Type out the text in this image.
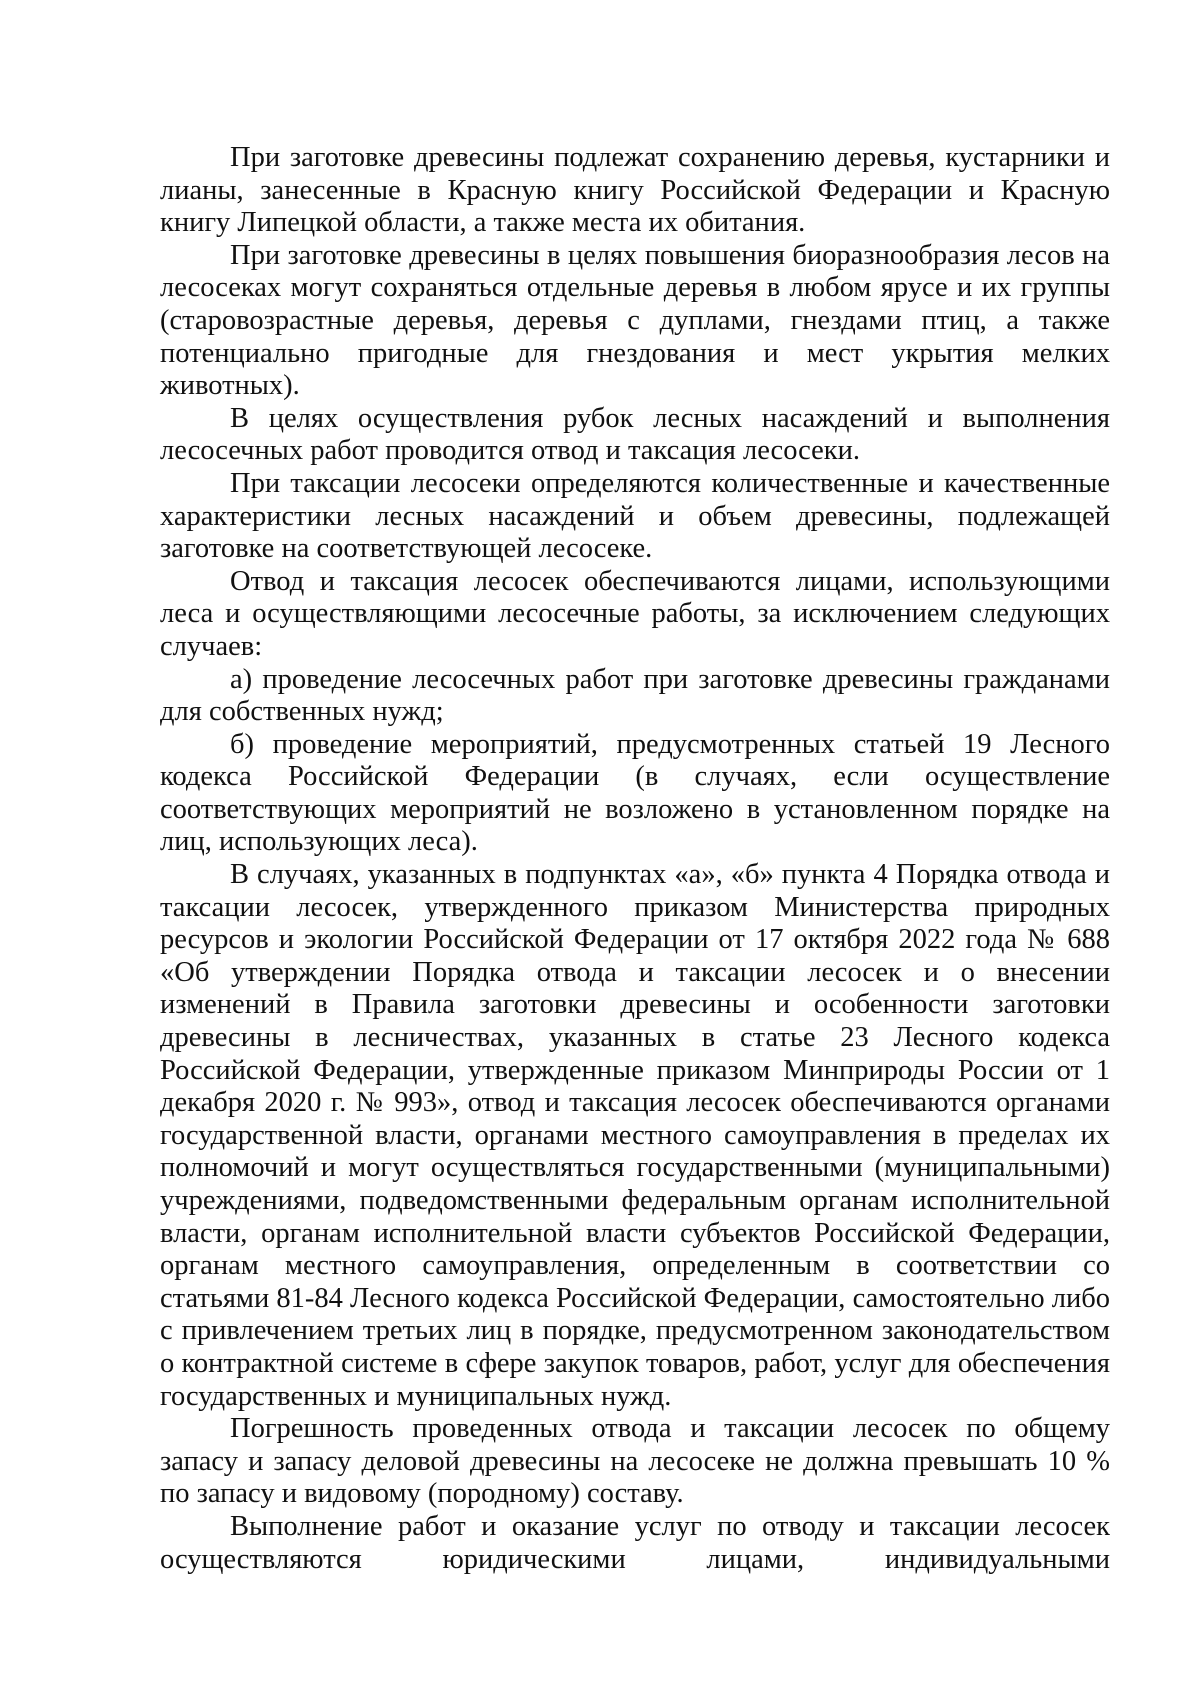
При заготовке древесины подлежат сохранению деревья, кустарники и лианы, занесенные в Красную книгу Российской Федерации и Красную книгу Липецкой области, а также места их обитания.

При заготовке древесины в целях повышения биоразнообразия лесов на лесосеках могут сохраняться отдельные деревья в любом ярусе и их группы (старовозрастные деревья, деревья с дуплами, гнездами птиц, а также потенциально пригодные для гнездования и мест укрытия мелких животных).

В целях осуществления рубок лесных насаждений и выполнения лесосечных работ проводится отвод и таксация лесосеки.

При таксации лесосеки определяются количественные и качественные характеристики лесных насаждений и объем древесины, подлежащей заготовке на соответствующей лесосеке.

Отвод и таксация лесосек обеспечиваются лицами, использующими леса и осуществляющими лесосечные работы, за исключением следующих случаев:

а) проведение лесосечных работ при заготовке древесины гражданами для собственных нужд;

б) проведение мероприятий, предусмотренных статьей 19 Лесного кодекса Российской Федерации (в случаях, если осуществление соответствующих мероприятий не возложено в установленном порядке на лиц, использующих леса).

В случаях, указанных в подпунктах «а», «б» пункта 4 Порядка отвода и таксации лесосек, утвержденного приказом Министерства природных ресурсов и экологии Российской Федерации от 17 октября 2022 года № 688 «Об утверждении Порядка отвода и таксации лесосек и о внесении изменений в Правила заготовки древесины и особенности заготовки древесины в лесничествах, указанных в статье 23 Лесного кодекса Российской Федерации, утвержденные приказом Минприроды России от 1 декабря 2020 г. № 993», отвод и таксация лесосек обеспечиваются органами государственной власти, органами местного самоуправления в пределах их полномочий и могут осуществляться государственными (муниципальными) учреждениями, подведомственными федеральным органам исполнительной власти, органам исполнительной власти субъектов Российской Федерации, органам местного самоуправления, определенным в соответствии со статьями 81-84 Лесного кодекса Российской Федерации, самостоятельно либо с привлечением третьих лиц в порядке, предусмотренном законодательством о контрактной системе в сфере закупок товаров, работ, услуг для обеспечения государственных и муниципальных нужд.

Погрешность проведенных отвода и таксации лесосек по общему запасу и запасу деловой древесины на лесосеке не должна превышать 10 % по запасу и видовому (породному) составу.

Выполнение работ и оказание услуг по отводу и таксации лесосек осуществляются юридическими лицами, индивидуальными
